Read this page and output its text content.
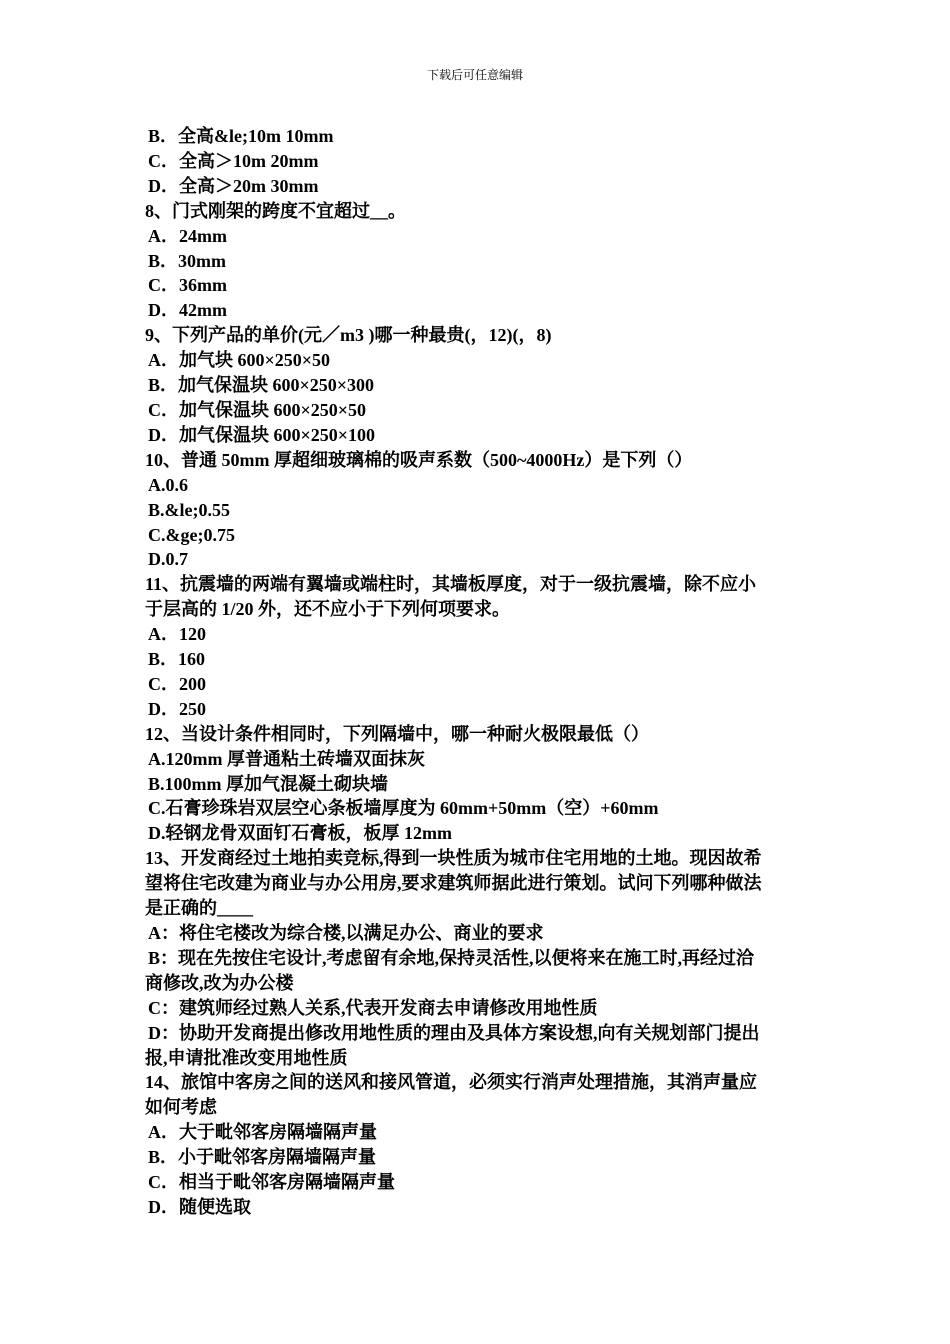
下载后可任意编辑
B．全高&le;10m 10mm
C．全高＞10m 20mm
D．全高＞20m 30mm
8、门式刚架的跨度不宜超过__。
A．24mm
B．30mm
C．36mm
D．42mm
9、下列产品的单价(元／m3 )哪一种最贵(，12)(，8)
A．加气块 600×250×50
B．加气保温块 600×250×300
C．加气保温块 600×250×50
D．加气保温块 600×250×100
10、普通 50mm 厚超细玻璃棉的吸声系数（500~4000Hz）是下列（）
A.0.6
B.&le;0.55
C.&ge;0.75
D.0.7
11、抗震墙的两端有翼墙或端柱时，其墙板厚度，对于一级抗震墙，除不应小
于层高的 1/20 外，还不应小于下列何项要求。
A．120
B．160
C．200
D．250
12、当设计条件相同时，下列隔墙中，哪一种耐火极限最低（）
A.120mm 厚普通粘土砖墙双面抹灰
B.100mm 厚加气混凝土砌块墙
C.石膏珍珠岩双层空心条板墙厚度为 60mm+50mm（空）+60mm
D.轻钢龙骨双面钉石膏板，板厚 12mm
13、开发商经过土地拍卖竞标,得到一块性质为城市住宅用地的土地。现因故希
望将住宅改建为商业与办公用房,要求建筑师据此进行策划。试问下列哪种做法
是正确的____
A：将住宅楼改为综合楼,以满足办公、商业的要求
B：现在先按住宅设计,考虑留有余地,保持灵活性,以便将来在施工时,再经过洽
商修改,改为办公楼
C：建筑师经过熟人关系,代表开发商去申请修改用地性质
D：协助开发商提出修改用地性质的理由及具体方案设想,向有关规划部门提出
报,申请批准改变用地性质
14、旅馆中客房之间的送风和接风管道，必须实行消声处理措施，其消声量应
如何考虑
A．大于毗邻客房隔墙隔声量
B．小于毗邻客房隔墙隔声量
C．相当于毗邻客房隔墙隔声量
D．随便选取
